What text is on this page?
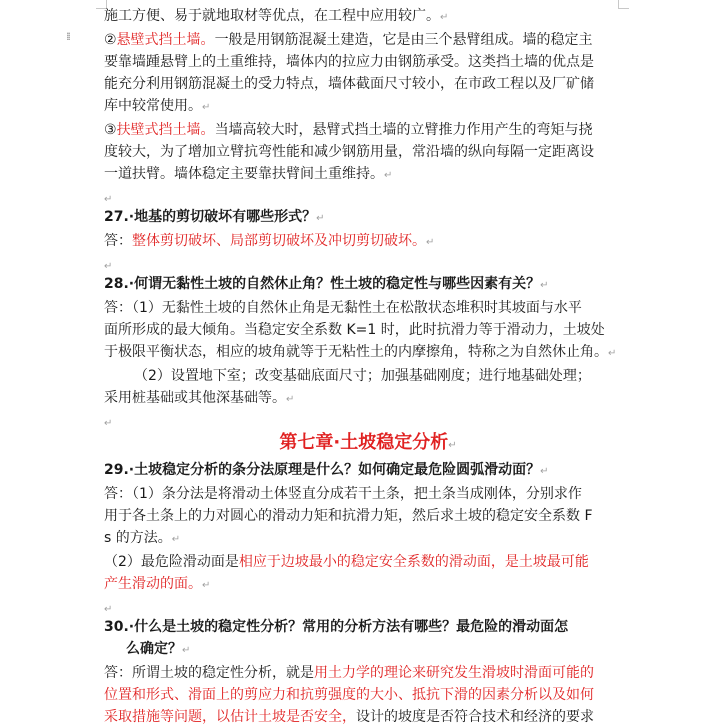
⁞⁞

施工方便、易于就地取材等优点，在工程中应用较广。↵

②悬壁式挡土墙。一般是用钢筋混凝土建造，它是由三个悬臂组成。墙的稳定主

要靠墙踵悬臂上的土重维持，墙体内的拉应力由钢筋承受。这类挡土墙的优点是

能充分利用钢筋混凝土的受力特点，墙体截面尺寸较小，在市政工程以及厂矿储

库中较常使用。↵

③扶壁式挡土墙。当墙高较大时，悬臂式挡土墙的立臂推力作用产生的弯矩与挠

度较大，为了增加立臂抗弯性能和减少钢筋用量，常沿墙的纵向每隔一定距离设

一道扶臂。墙体稳定主要靠扶臂间土重维持。↵

↵

27.·地基的剪切破坏有哪些形式？↵

答：整体剪切破坏、局部剪切破坏及冲切剪切破坏。↵

↵

28.·何谓无黏性土坡的自然休止角？性土坡的稳定性与哪些因素有关？↵

答：（1）无黏性土坡的自然休止角是无黏性土在松散状态堆积时其坡面与水平

面所形成的最大倾角。当稳定安全系数 K=1 时，此时抗滑力等于滑动力，土坡处

于极限平衡状态，相应的坡角就等于无粘性土的内摩擦角，特称之为自然休止角。↵

（2）设置地下室；改变基础底面尺寸；加强基础刚度；进行地基础处理；

采用桩基础或其他深基础等。↵

↵

第七章·土坡稳定分析↵

29.·土坡稳定分析的条分法原理是什么？如何确定最危险圆弧滑动面？↵

答：（1）条分法是将滑动土体竖直分成若干土条，把土条当成刚体，分别求作

用于各土条上的力对圆心的滑动力矩和抗滑力矩，然后求土坡的稳定安全系数 F

s 的方法。↵

（2）最危险滑动面是相应于边坡最小的稳定安全系数的滑动面，是土坡最可能

产生滑动的面。↵

↵

30.·什么是土坡的稳定性分析？常用的分析方法有哪些？最危险的滑动面怎

么确定？↵

答：所谓土坡的稳定性分析，就是用土力学的理论来研究发生滑坡时滑面可能的

位置和形式、滑面上的剪应力和抗剪强度的大小、抵抗下滑的因素分析以及如何

采取措施等问题，以估计土坡是否安全，设计的坡度是否符合技术和经济的要求
